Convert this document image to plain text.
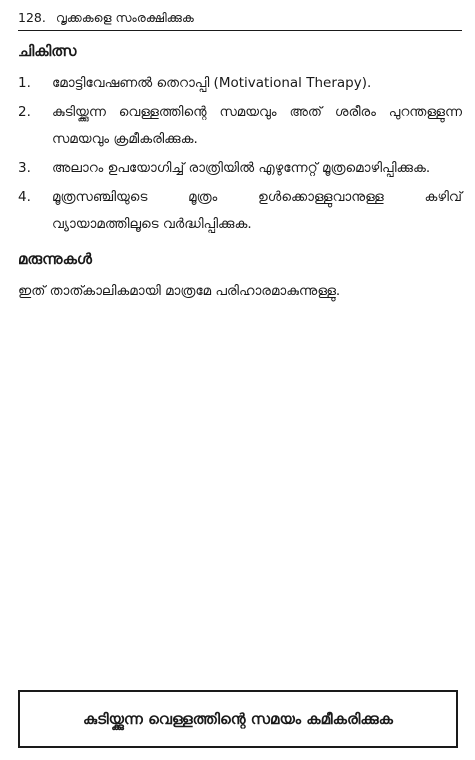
128. വൃക്കകളെ സംരക്ഷിക്കുക
ചികിത്സ
1.	മോട്ടിവേഷണൽ തെറാപ്പി (Motivational Therapy).
2.	കുടിയ്ക്കുന്ന വെള്ളത്തിന്റെ സമയവും അത് ശരീരം പുറന്തള്ളുന്ന സമയവും ക്രമീകരിക്കുക.
3.	അലാറം ഉപയോഗിച്ച് രാത്രിയിൽ എഴുന്നേറ്റ് മൂത്രമൊഴിപ്പിക്കുക.
4.	മൂത്രസഞ്ചിയുടെ മൂത്രം ഉൾക്കൊള്ളുവാനുള്ള കഴിവ് വ്യായാമത്തിലൂടെ വർദ്ധിപ്പിക്കുക.
മരുന്നുകൾ

ഇത് താത്കാലികമായി മാത്രമേ പരിഹാരമാകുന്നുള്ളു.

കുടിയ്ക്കുന്ന വെള്ളത്തിന്റെ സമയം കമീകരിക്കുക
